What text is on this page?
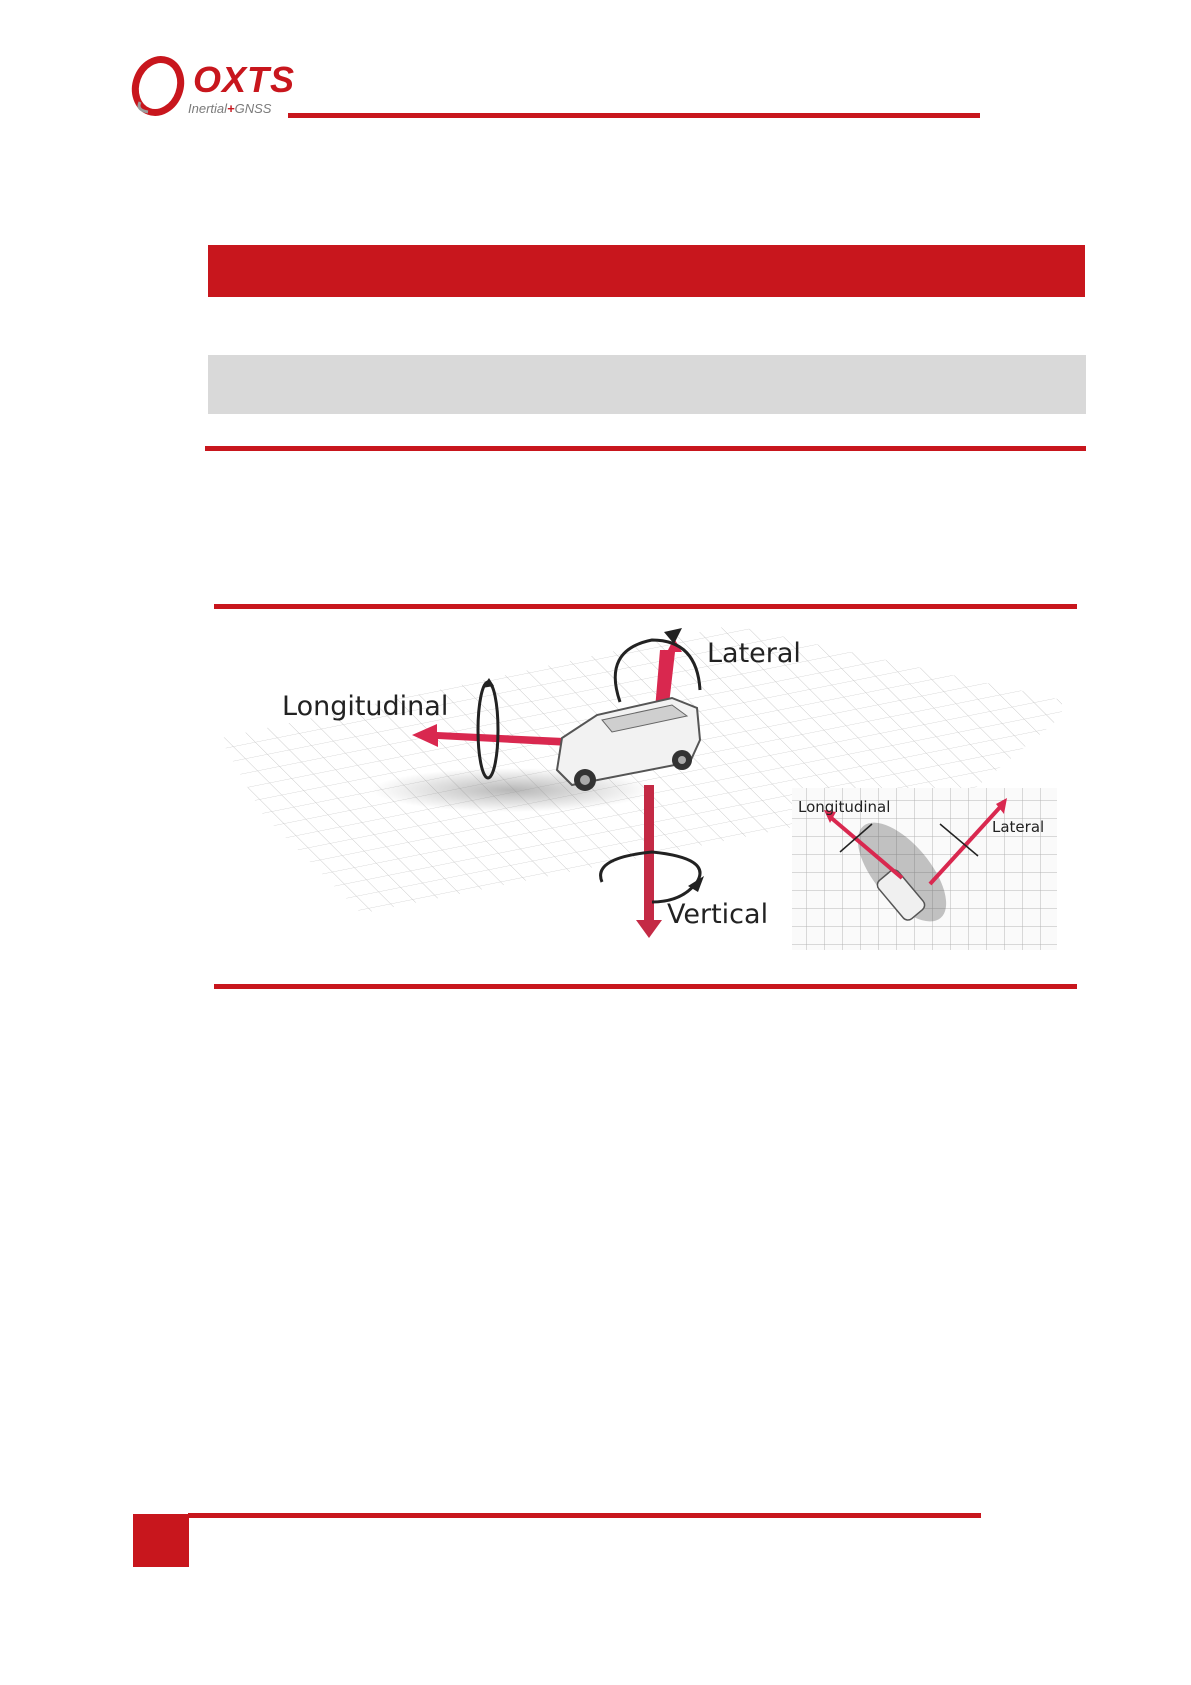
OXTS
Inertial+GNSS
Lateral
Longitudinal
Vertical
Longitudinal
Lateral
